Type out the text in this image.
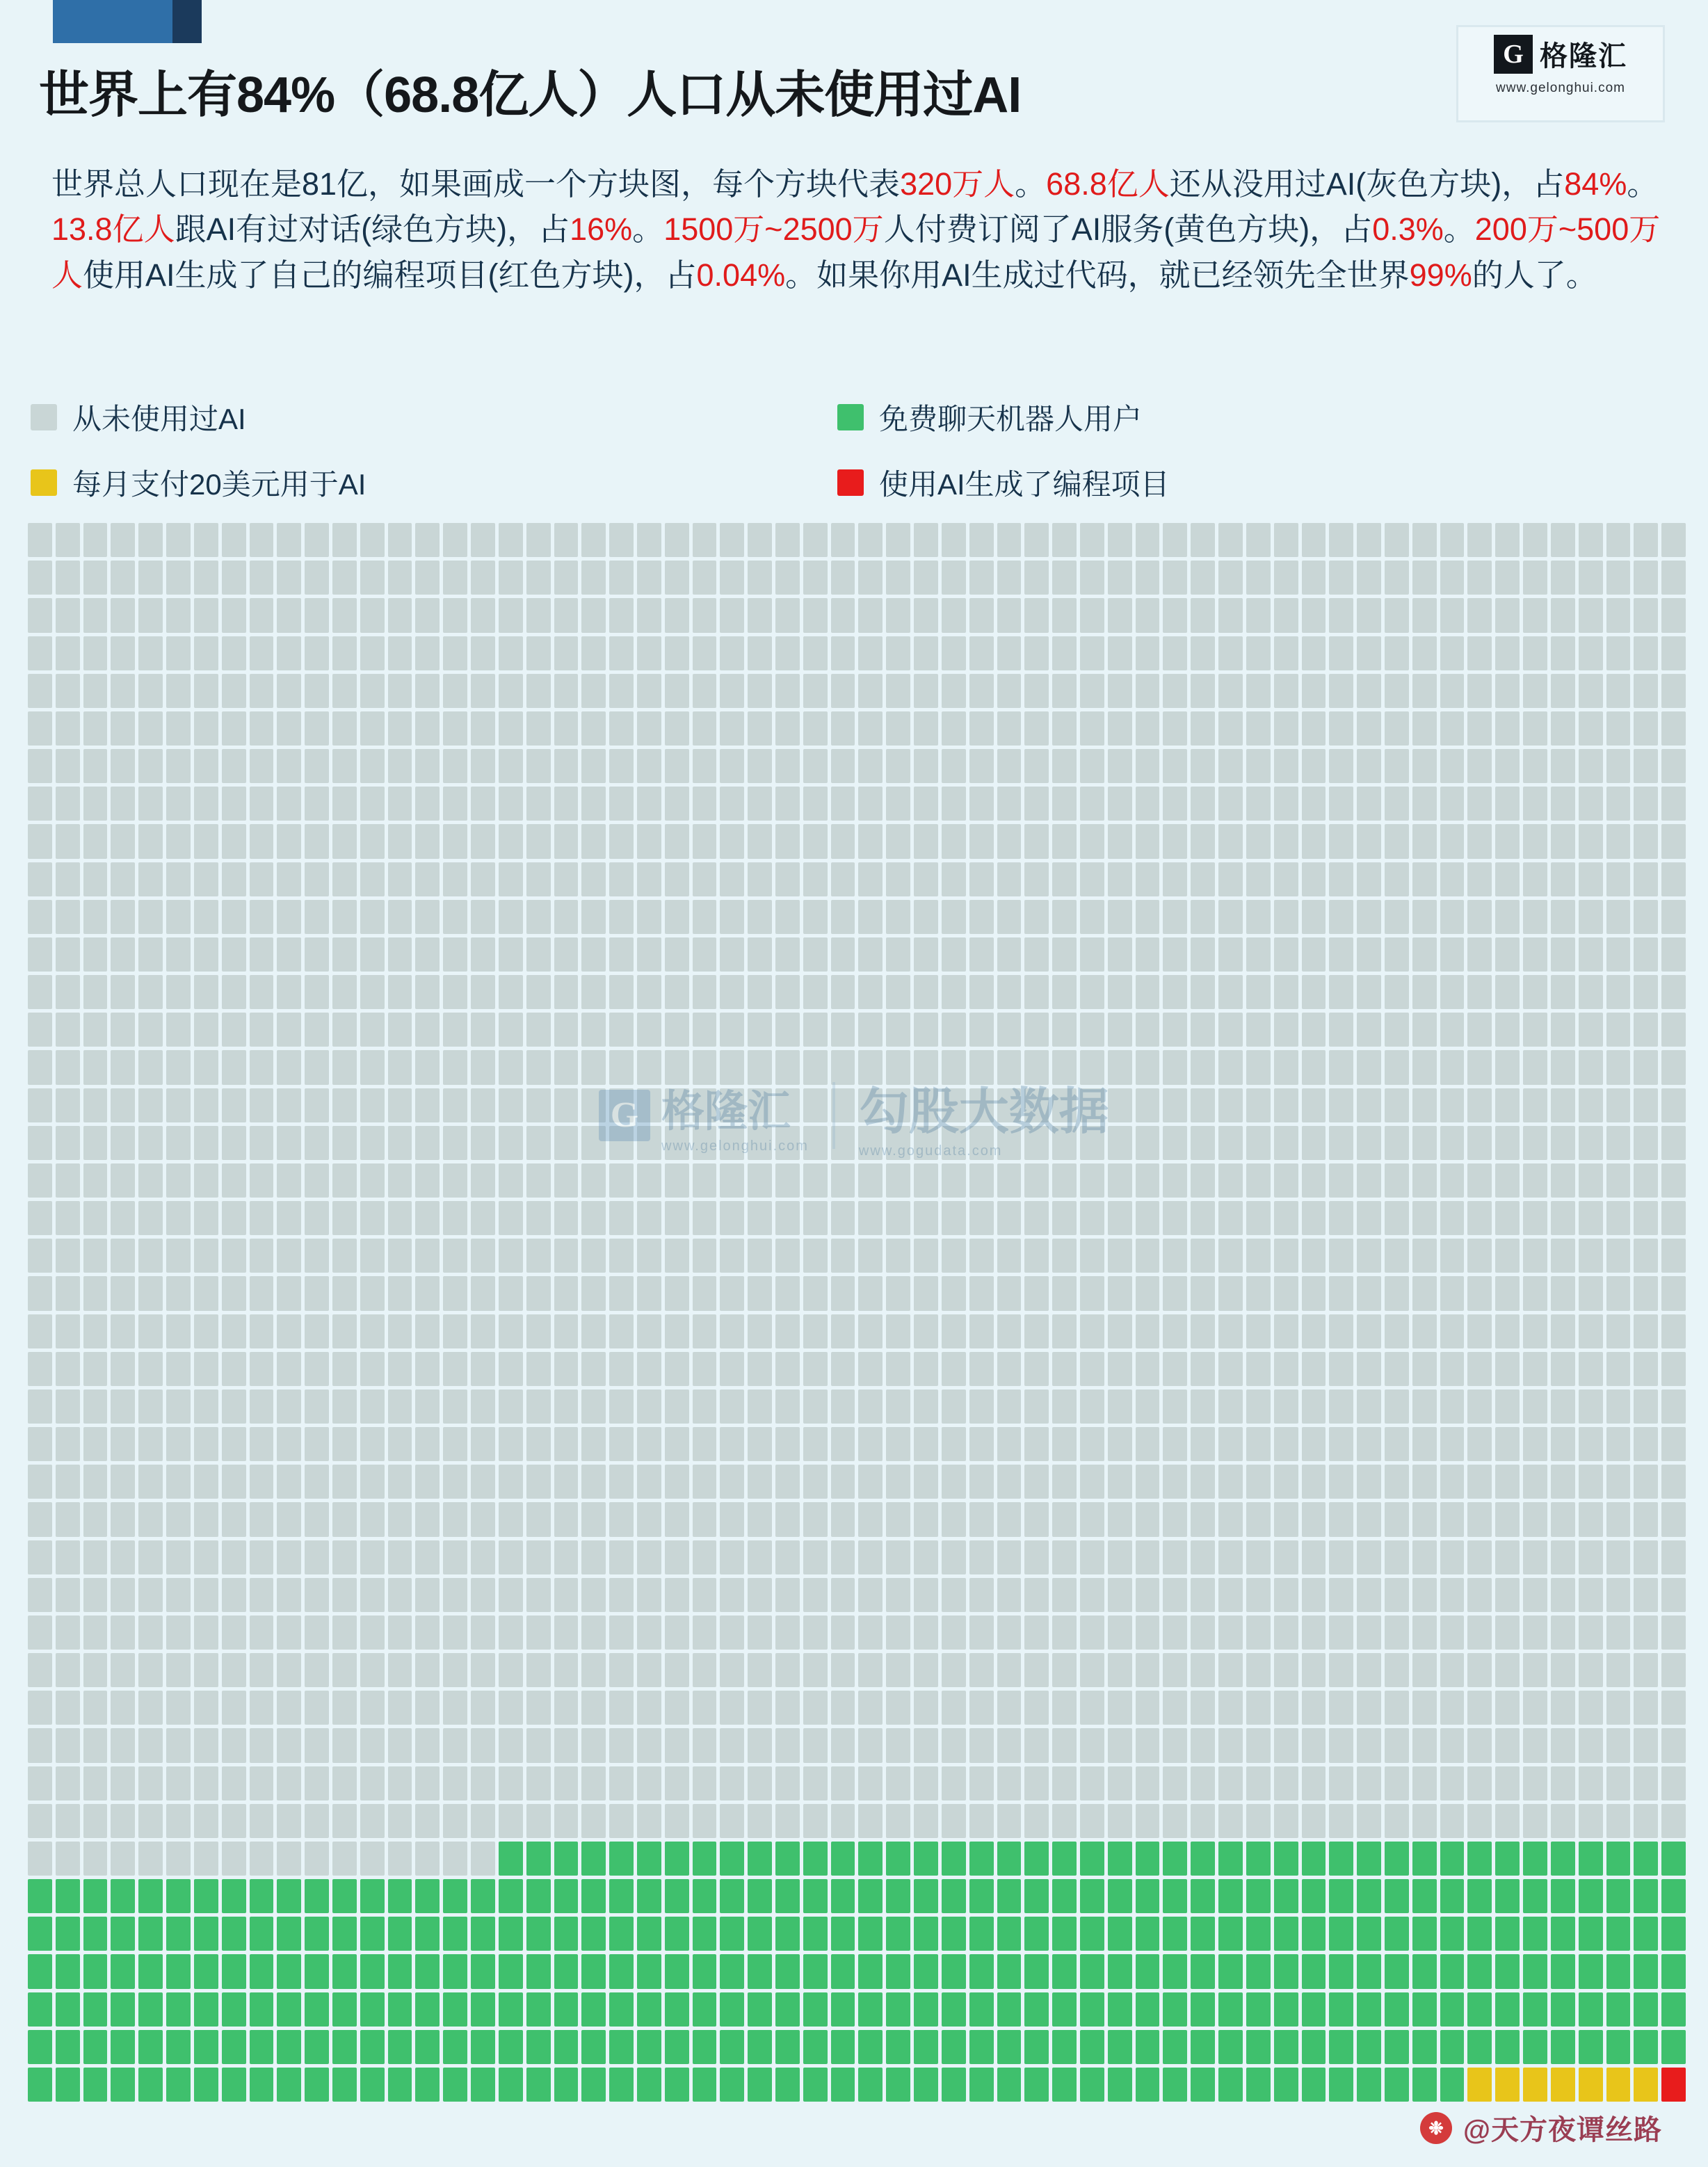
G 格隆汇
www.gelonghui.com
世界上有84%（68.8亿人）人口从未使用过AI
世界总人口现在是81亿，如果画成一个方块图，每个方块代表320万人。68.8亿人还从没用过AI(灰色方块)，占84%。13.8亿人跟AI有过对话(绿色方块)，占16%。1500万~2500万人付费订阅了AI服务(黄色方块)，占0.3%。200万~500万人使用AI生成了自己的编程项目(红色方块)，占0.04%。如果你用AI生成过代码，就已经领先全世界99%的人了。
从未使用过AI	免费聊天机器人用户
每月支付20美元用于AI	使用AI生成了编程项目
G 格隆汇
www.gelonghui.com
勾股大数据
www.gogudata.com
❉ @天方夜谭丝路
